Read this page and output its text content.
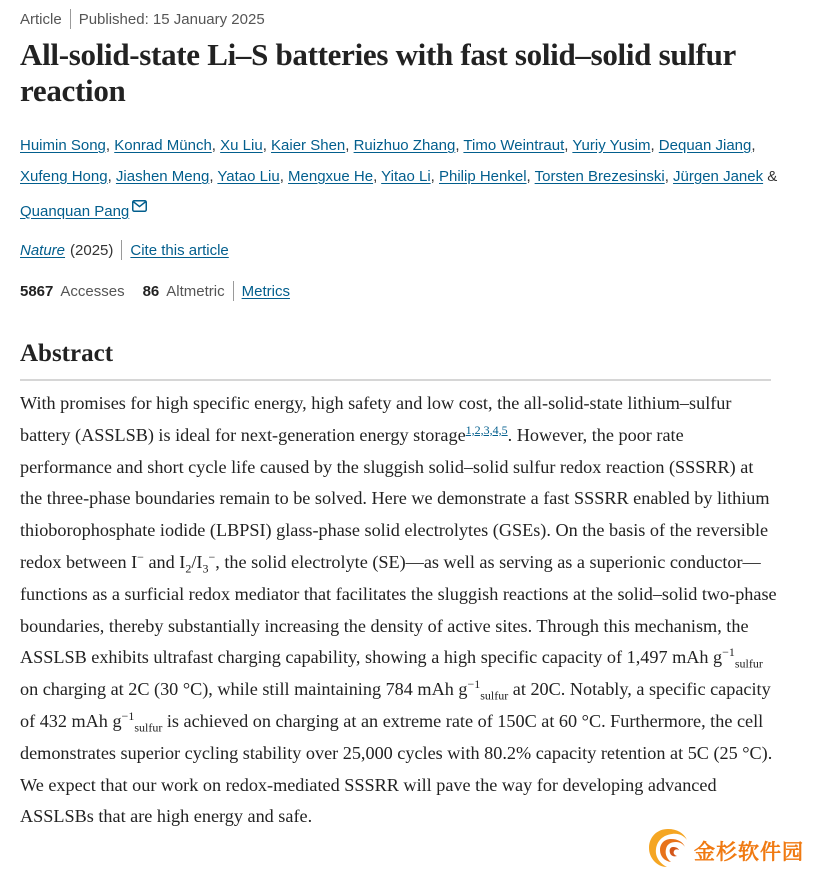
Article Published: 15 January 2025
All-solid-state Li–S batteries with fast solid–solid sulfur reaction
Huimin Song, Konrad Münch, Xu Liu, Kaier Shen, Ruizhuo Zhang, Timo Weintraut, Yuriy Yusim, Dequan Jiang, Xufeng Hong, Jiashen Meng, Yatao Liu, Mengxue He, Yitao Li, Philip Henkel, Torsten Brezesinski, Jürgen Janek & Quanquan Pang
Nature (2025) Cite this article
5867 Accesses 86 Altmetric Metrics
Abstract

With promises for high specific energy, high safety and low cost, the all-solid-state lithium–sulfur battery (ASSLSB) is ideal for next-generation energy storage$^{1,2,3,4,5}$. However, the poor rate performance and short cycle life caused by the sluggish solid–solid sulfur redox reaction (SSSRR) at the three-phase boundaries remain to be solved. Here we demonstrate a fast SSSRR enabled by lithium thioborophosphate iodide (LBPSI) glass-phase solid electrolytes (GSEs). On the basis of the reversible redox between I− and $I_2/I_3^-$, the solid electrolyte (SE)—as well as serving as a superionic conductor—functions as a surficial redox mediator that facilitates the sluggish reactions at the solid–solid two-phase boundaries, thereby substantially increasing the density of active sites. Through this mechanism, the ASSLSB exhibits ultrafast charging capability, showing a high specific capacity of 1,497 mAh $g^{-1}_{sulfur}$ on charging at 2C (30 °C), while still maintaining 784 mAh $g^{-1}_{sulfur}$ at 20C. Notably, a specific capacity of 432 mAh $g^{-1}_{sulfur}$ is achieved on charging at an extreme rate of 150C at 60 °C. Furthermore, the cell demonstrates superior cycling stability over 25,000 cycles with 80.2% capacity retention at 5C (25 °C). We expect that our work on redox-mediated SSSRR will pave the way for developing advanced ASSLSBs that are high energy and safe.

金杉软件园
